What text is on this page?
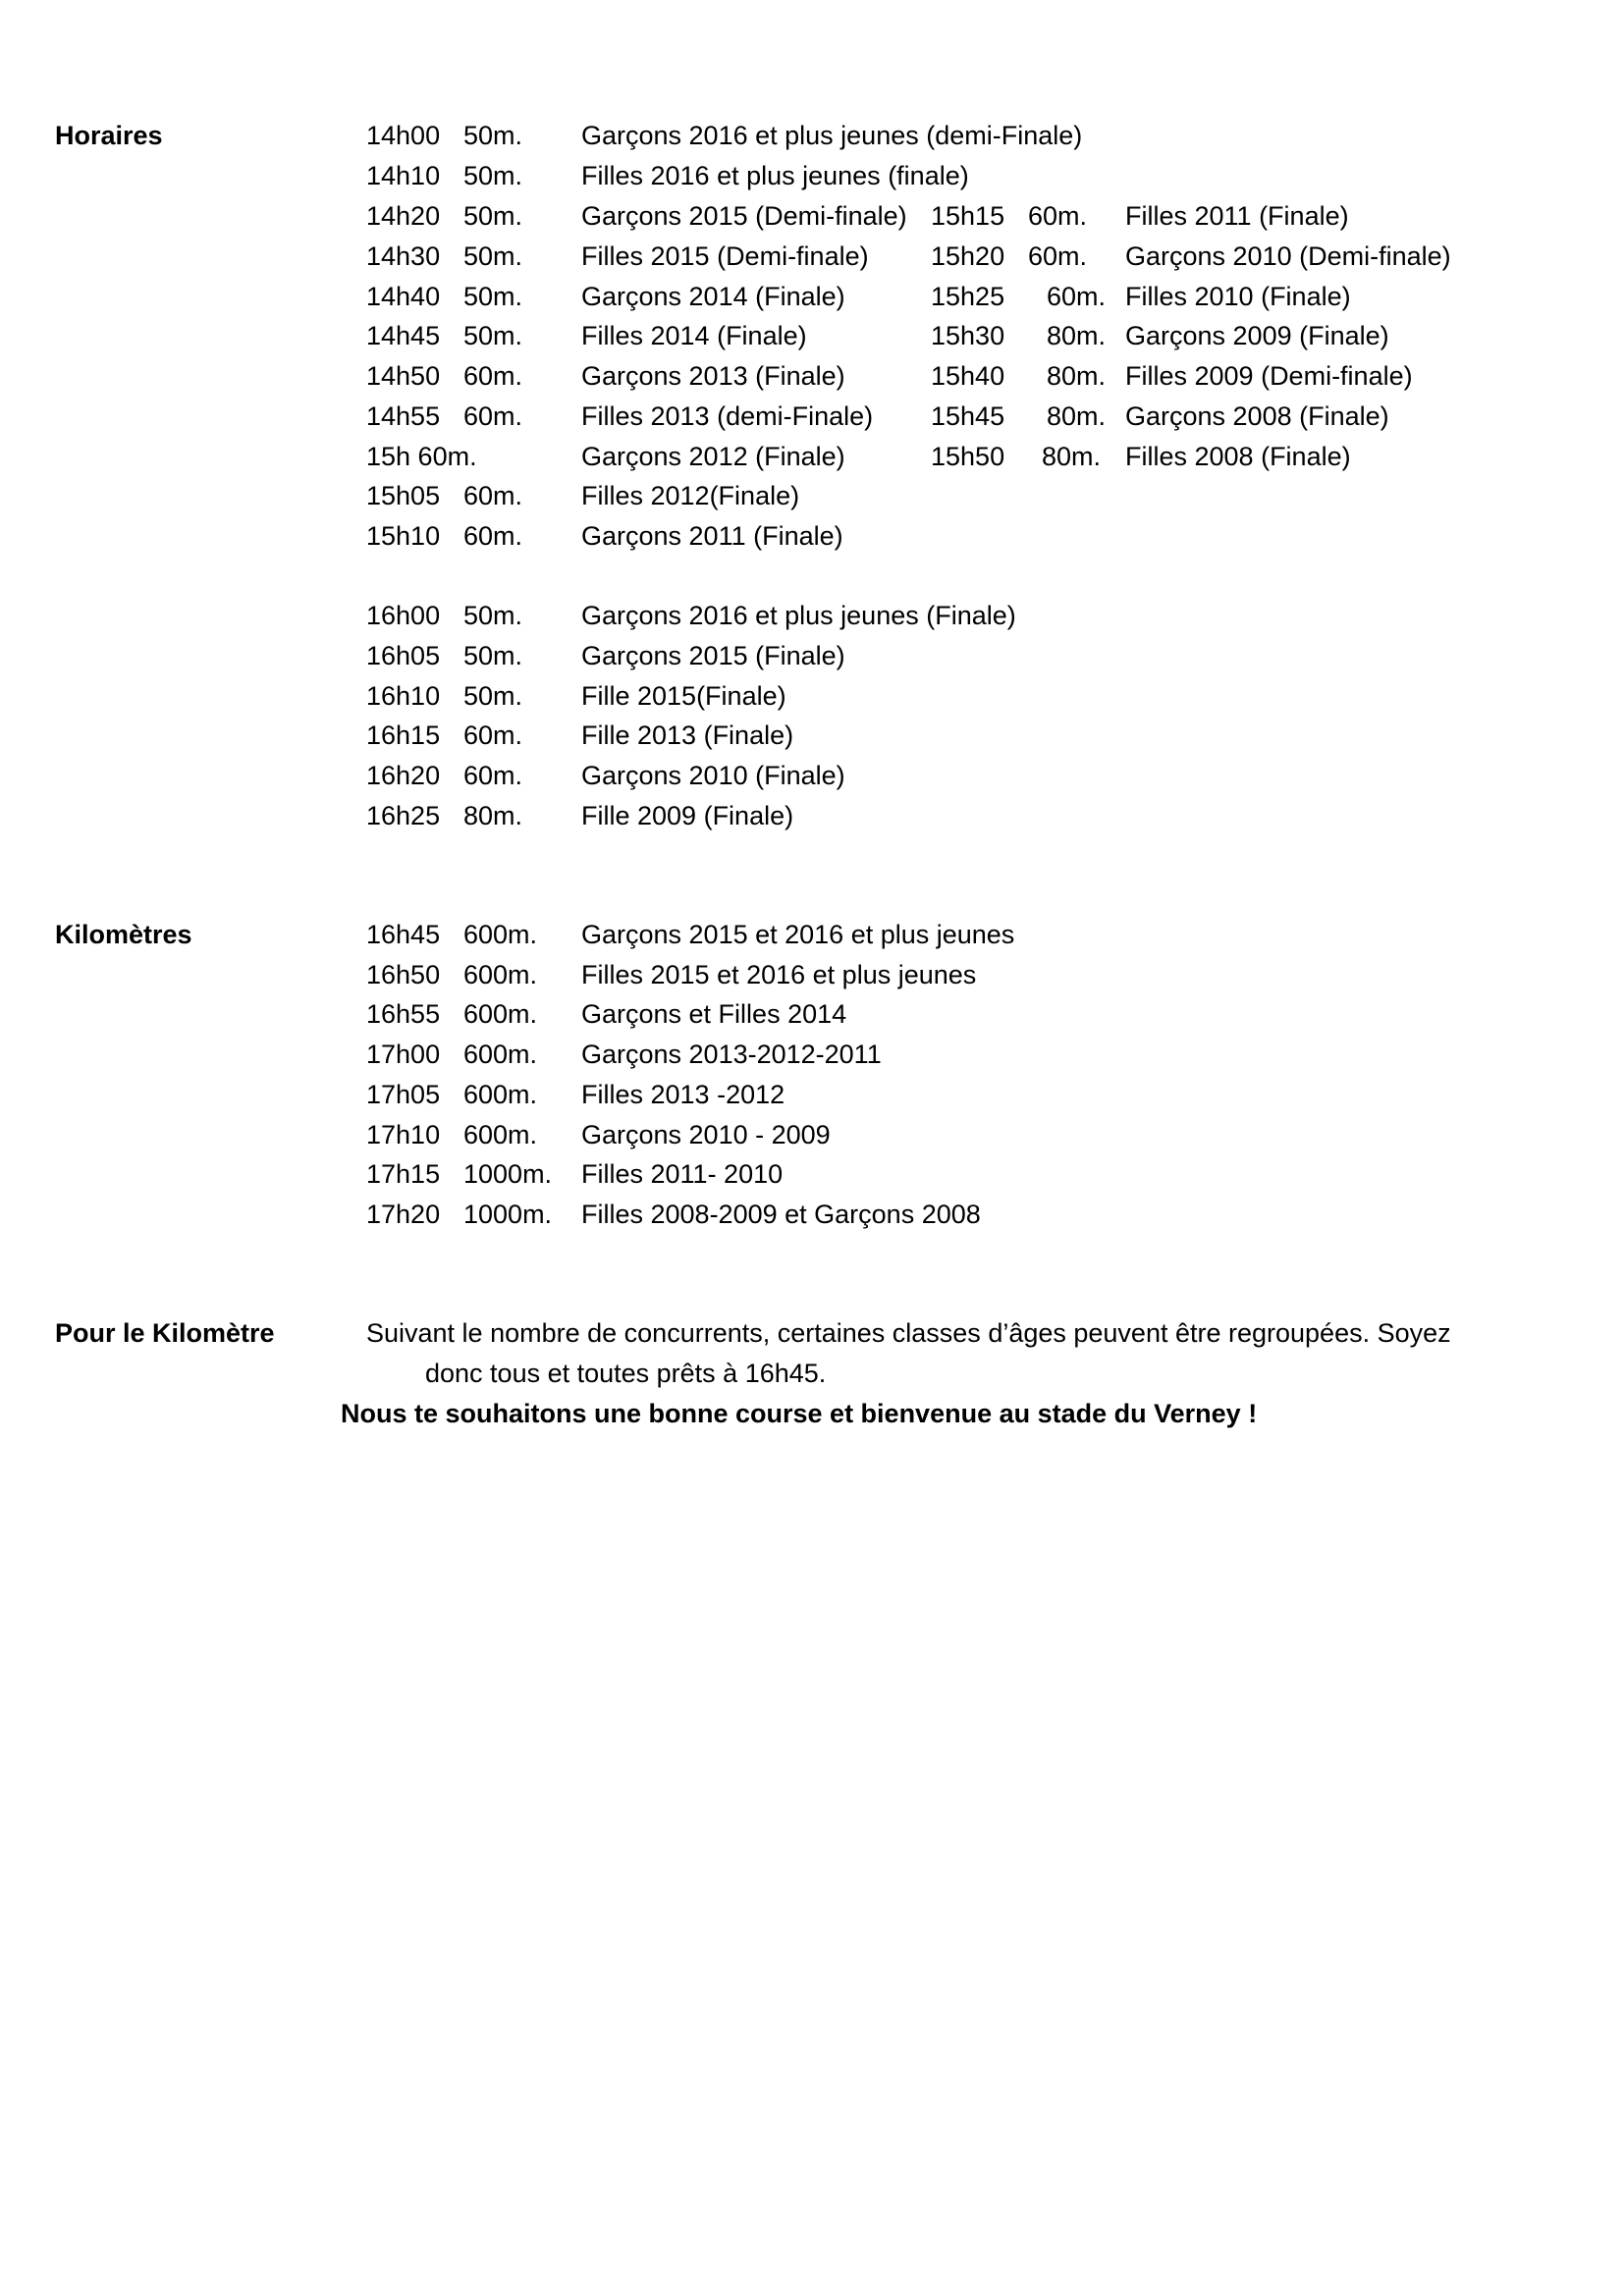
Horaires	14h00 50m. Garçons 2016 et plus jeunes (demi-Finale)
14h10 50m. Filles 2016 et plus jeunes (finale)
14h20 50m. Garçons 2015 (Demi-finale)
14h30 50m. Filles 2015 (Demi-finale)
14h40 50m. Garçons 2014 (Finale)
14h45 50m. Filles 2014 (Finale)
14h50 60m. Garçons 2013 (Finale)
14h55 60m. Filles 2013 (demi-Finale)
15h 60m.	Garçons 2012 (Finale)
15h05 60m. Filles 2012(Finale)
15h10 60m. Garçons 2011 (Finale)
15h15 60m. Filles 2011 (Finale)
15h20 60m. Garçons 2010 (Demi-finale)
15h25 60m. Filles 2010 (Finale)
15h30 80m. Garçons 2009 (Finale)
15h40 80m. Filles 2009 (Demi-finale)
15h45 80m. Garçons 2008 (Finale)
15h50 80m. Filles 2008 (Finale)
16h00 50m. Garçons 2016 et plus jeunes (Finale)
16h05 50m. Garçons 2015 (Finale)
16h10 50m. Fille 2015(Finale)
16h15 60m. Fille 2013 (Finale)
16h20 60m. Garçons 2010 (Finale)
16h25 80m. Fille 2009 (Finale)
Kilomètres	16h45 600m. Garçons 2015 et 2016 et plus jeunes
16h50 600m. Filles 2015 et 2016 et plus jeunes
16h55 600m. Garçons et Filles 2014
17h00 600m. Garçons 2013-2012-2011
17h05 600m. Filles 2013 -2012
17h10 600m. Garçons 2010 - 2009
17h15 1000m. Filles 2011- 2010
17h20 1000m. Filles 2008-2009 et Garçons 2008
Pour le Kilomètre	Suivant le nombre de concurrents, certaines classes d’âges peuvent être regroupées. Soyez
donc tous et toutes prêts à 16h45.
Nous te souhaitons une bonne course et bienvenue au stade du Verney !
